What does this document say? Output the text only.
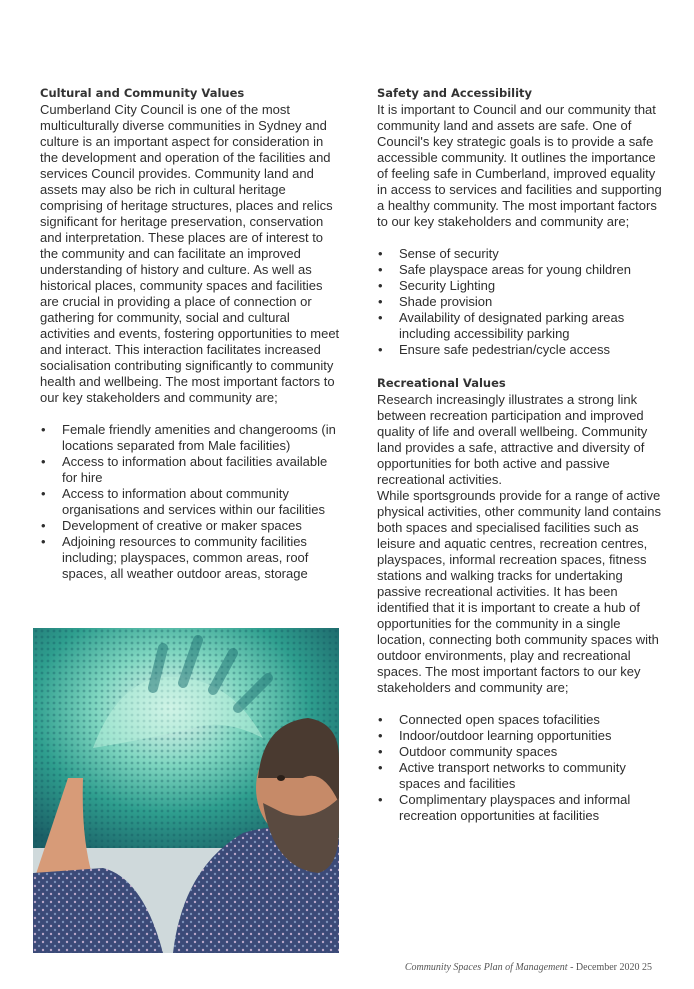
Cultural and Community Values

Cumberland City Council is one of the most multiculturally diverse communities in Sydney and culture is an important aspect for consideration in the development and operation of the facilities and services Council provides. Community land and assets may also be rich in cultural heritage comprising of heritage structures, places and relics significant for heritage preservation, conservation and interpretation. These places are of interest to the community and can facilitate an improved understanding of history and culture. As well as historical places, community spaces and facilities are crucial in providing a place of connection or gathering for community, social and cultural activities and events, fostering opportunities to meet and interact. This interaction facilitates increased socialisation contributing significantly to community health and wellbeing. The most important factors to our key stakeholders and community are;

• Female friendly amenities and changerooms (in locations separated from Male facilities)
• Access to information about facilities available for hire
• Access to information about community organisations and services within our facilities
• Development of creative or maker spaces
• Adjoining resources to community facilities including; playspaces, common areas, roof spaces, all weather outdoor areas, storage

Safety and Accessibility

It is important to Council and our community that community land and assets are safe. One of Council's key strategic goals is to provide a safe accessible community. It outlines the importance of feeling safe in Cumberland, improved equality in access to services and facilities and supporting a healthy community. The most important factors to our key stakeholders and community are;

• Sense of security
• Safe playspace areas for young children
• Security Lighting
• Shade provision
• Availability of designated parking areas including accessibility parking
• Ensure safe pedestrian/cycle access

Recreational Values

Research increasingly illustrates a strong link between recreation participation and improved quality of life and overall wellbeing. Community land provides a safe, attractive and diversity of opportunities for both active and passive recreational activities.

While sportsgrounds provide for a range of active physical activities, other community land contains both spaces and specialised facilities such as leisure and aquatic centres, recreation centres, playspaces, informal recreation spaces, fitness stations and walking tracks for undertaking passive recreational activities. It has been identified that it is important to create a hub of opportunities for the community in a single location, connecting both community spaces with outdoor environments, play and recreational spaces. The most important factors to our key stakeholders and community are;

• Connected open spaces tofacilities
• Indoor/outdoor learning opportunities
• Outdoor community spaces
• Active transport networks to community spaces and facilities
• Complimentary playspaces and informal recreation opportunities at facilities
Community Spaces Plan of Management - December 2020 25
